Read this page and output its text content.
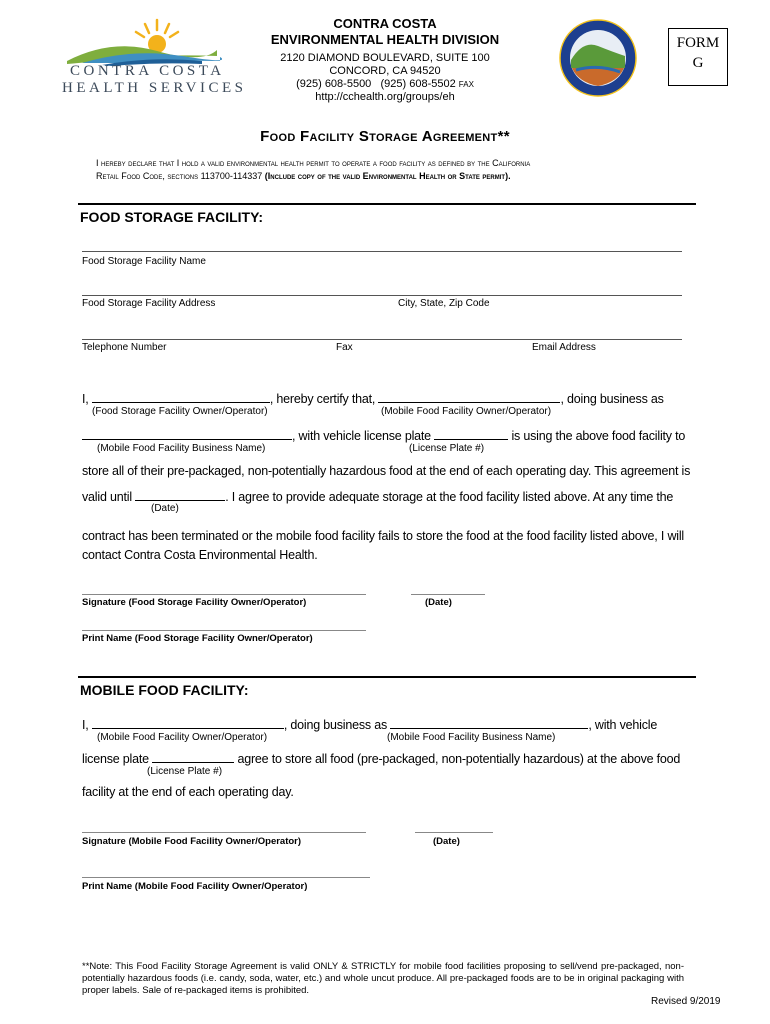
CONTRA COSTA
HEALTH SERVICES
CONTRA COSTA
ENVIRONMENTAL HEALTH DIVISION
2120 DIAMOND BOULEVARD, SUITE 100
CONCORD, CA 94520
(925) 608-5500 (925) 608-5502 FAX
http://cchealth.org/groups/eh
FORM
G
Food Facility Storage Agreement**
I hereby declare that I hold a valid environmental health permit to operate a food facility as defined by the California
Retail Food Code, sections 113700-114337 (Include copy of the valid Environmental Health or State permit).
FOOD STORAGE FACILITY:
Food Storage Facility Name
Food Storage Facility Address	City, State, Zip Code
Telephone Number	Fax	Email Address
I,	, hereby certify that,	, doing business as
(Food Storage Facility Owner/Operator)	(Mobile Food Facility Owner/Operator)
, with vehicle license plate	is using the above food facility to
(Mobile Food Facility Business Name)	(License Plate #)
store all of their pre-packaged, non-potentially hazardous food at the end of each operating day. This agreement is
valid until	. I agree to provide adequate storage at the food facility listed above. At any time the
(Date)
contract has been terminated or the mobile food facility fails to store the food at the food facility listed above, I will
contact Contra Costa Environmental Health.
Signature (Food Storage Facility Owner/Operator)	(Date)
Print Name (Food Storage Facility Owner/Operator)
MOBILE FOOD FACILITY:
I,	, doing business as	, with vehicle
(Mobile Food Facility Owner/Operator)	(Mobile Food Facility Business Name)
license plate	agree to store all food (pre-packaged, non-potentially hazardous) at the above food
(License Plate #)
facility at the end of each operating day.
Signature (Mobile Food Facility Owner/Operator)	(Date)
Print Name (Mobile Food Facility Owner/Operator)
**Note: This Food Facility Storage Agreement is valid ONLY & STRICTLY for mobile food facilities proposing to sell/vend pre-packaged, non-potentially hazardous foods (i.e. candy, soda, water, etc.) and whole uncut produce. All pre-packaged foods are to be in original packaging with proper labels. Sale of re-packaged items is prohibited.
Revised 9/2019
